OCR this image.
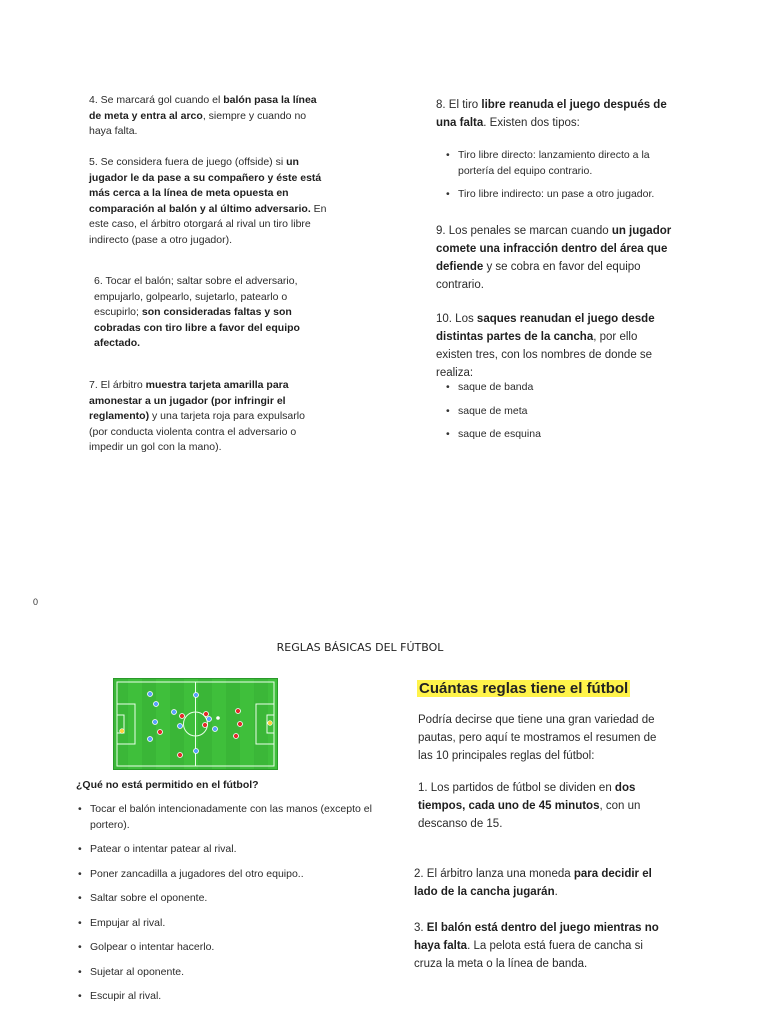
4. Se marcará gol cuando el balón pasa la línea de meta y entra al arco, siempre y cuando no haya falta.
5. Se considera fuera de juego (offside) si un jugador le da pase a su compañero y éste está más cerca a la línea de meta opuesta en comparación al balón y al último adversario. En este caso, el árbitro otorgará al rival un tiro libre indirecto (pase a otro jugador).
6. Tocar el balón; saltar sobre el adversario, empujarlo, golpearlo, sujetarlo, patearlo o escupirlo; son consideradas faltas y son cobradas con tiro libre a favor del equipo afectado.
7. El árbitro muestra tarjeta amarilla para amonestar a un jugador (por infringir el reglamento) y una tarjeta roja para expulsarlo (por conducta violenta contra el adversario o impedir un gol con la mano).
8. El tiro libre reanuda el juego después de una falta. Existen dos tipos:
• Tiro libre directo: lanzamiento directo a la portería del equipo contrario.
• Tiro libre indirecto: un pase a otro jugador.
9. Los penales se marcan cuando un jugador comete una infracción dentro del área que defiende y se cobra en favor del equipo contrario.
10. Los saques reanudan el juego desde distintas partes de la cancha, por ello existen tres, con los nombres de donde se realiza:
• saque de banda
• saque de meta
• saque de esquina
0
REGLAS BÁSICAS DEL FÚTBOL
¿Qué no está permitido en el fútbol?
• Tocar el balón intencionadamente con las manos (excepto el portero).
• Patear o intentar patear al rival.
• Poner zancadilla a jugadores del otro equipo..
• Saltar sobre el oponente.
• Empujar al rival.
• Golpear o intentar hacerlo.
• Sujetar al oponente.
• Escupir al rival.
Cuántas reglas tiene el fútbol
Podría decirse que tiene una gran variedad de pautas, pero aquí te mostramos el resumen de las 10 principales reglas del fútbol:
1. Los partidos de fútbol se dividen en dos tiempos, cada uno de 45 minutos, con un descanso de 15.
2. El árbitro lanza una moneda para decidir el lado de la cancha jugarán.
3. El balón está dentro del juego mientras no haya falta. La pelota está fuera de cancha si cruza la meta o la línea de banda.
